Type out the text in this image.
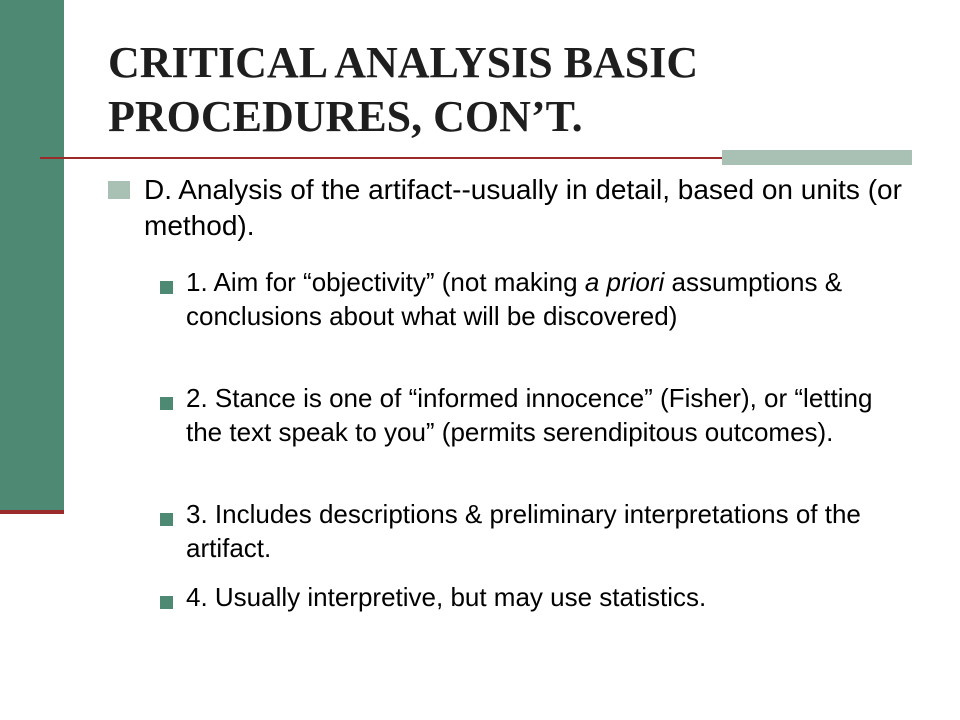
CRITICAL ANALYSIS BASIC PROCEDURES, CON’T.

D. Analysis of the artifact--usually in detail, based on units (or method).

1. Aim for “objectivity” (not making a priori assumptions & conclusions about what will be discovered)

2. Stance is one of “informed innocence” (Fisher), or “letting the text speak to you” (permits serendipitous outcomes).

3. Includes descriptions & preliminary interpretations of the artifact.

4. Usually interpretive, but may use statistics.
